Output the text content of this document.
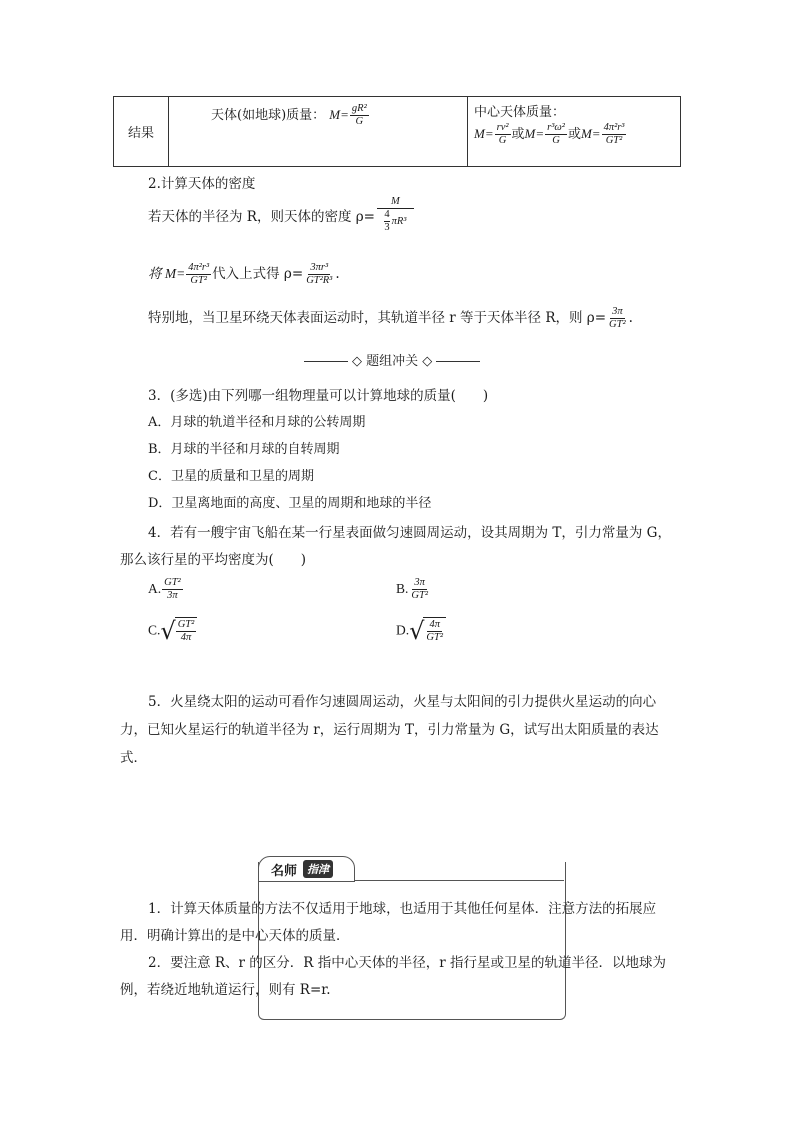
结果	天体(如地球)质量： $M= \frac{\text{gR²}}{G}$	中心天体质量：
$M= \frac{\text{rv²}}{G}$ 或$M= \frac{\text{r³ω²}}{G}$ 或$M= \frac{\text{4π²r³}}{\text{GT²}}$
2.计算天体的密度
若天体的半径为 R，则天体的密度 ρ= M
4
3
πR³
将 $M= \frac{\text{4π²r³}}{\text{GT²}}$ 代入上式得 $\rho= \frac{\text{3πr³}}{\text{GT²R³}}$ .
特别地，当卫星环绕天体表面运动时，其轨道半径 r 等于天体半径 R，则 $\rho= \frac{3\pi}{\text{GT²}}$ .
◇ 题组冲关 ◇
3．(多选)由下列哪一组物理量可以计算地球的质量(　　)
A．月球的轨道半径和月球的公转周期
B．月球的半径和月球的自转周期
C．卫星的质量和卫星的周期
D．卫星离地面的高度、卫星的周期和地球的半径
4．若有一艘宇宙飞船在某一行星表面做匀速圆周运动，设其周期为 T，引力常量为 G，
那么该行星的平均密度为(　　)
A. $\frac{\text{GT²}}{3\pi}$	B. $\frac{3\pi}{\text{GT²}}$
C. √ $\frac{\text{GT²}}{4\pi}$	D. √ $\frac{4\pi}{\text{GT²}}$
5．火星绕太阳的运动可看作匀速圆周运动，火星与太阳间的引力提供火星运动的向心
力，已知火星运行的轨道半径为 r，运行周期为 T，引力常量为 G，试写出太阳质量的表达
式．
名师 指津
1．计算天体质量的方法不仅适用于地球，也适用于其他任何星体．注意方法的拓展应
用．明确计算出的是中心天体的质量．
2．要注意 R、r 的区分．R 指中心天体的半径，r 指行星或卫星的轨道半径．以地球为
例，若绕近地轨道运行，则有 R=r.
